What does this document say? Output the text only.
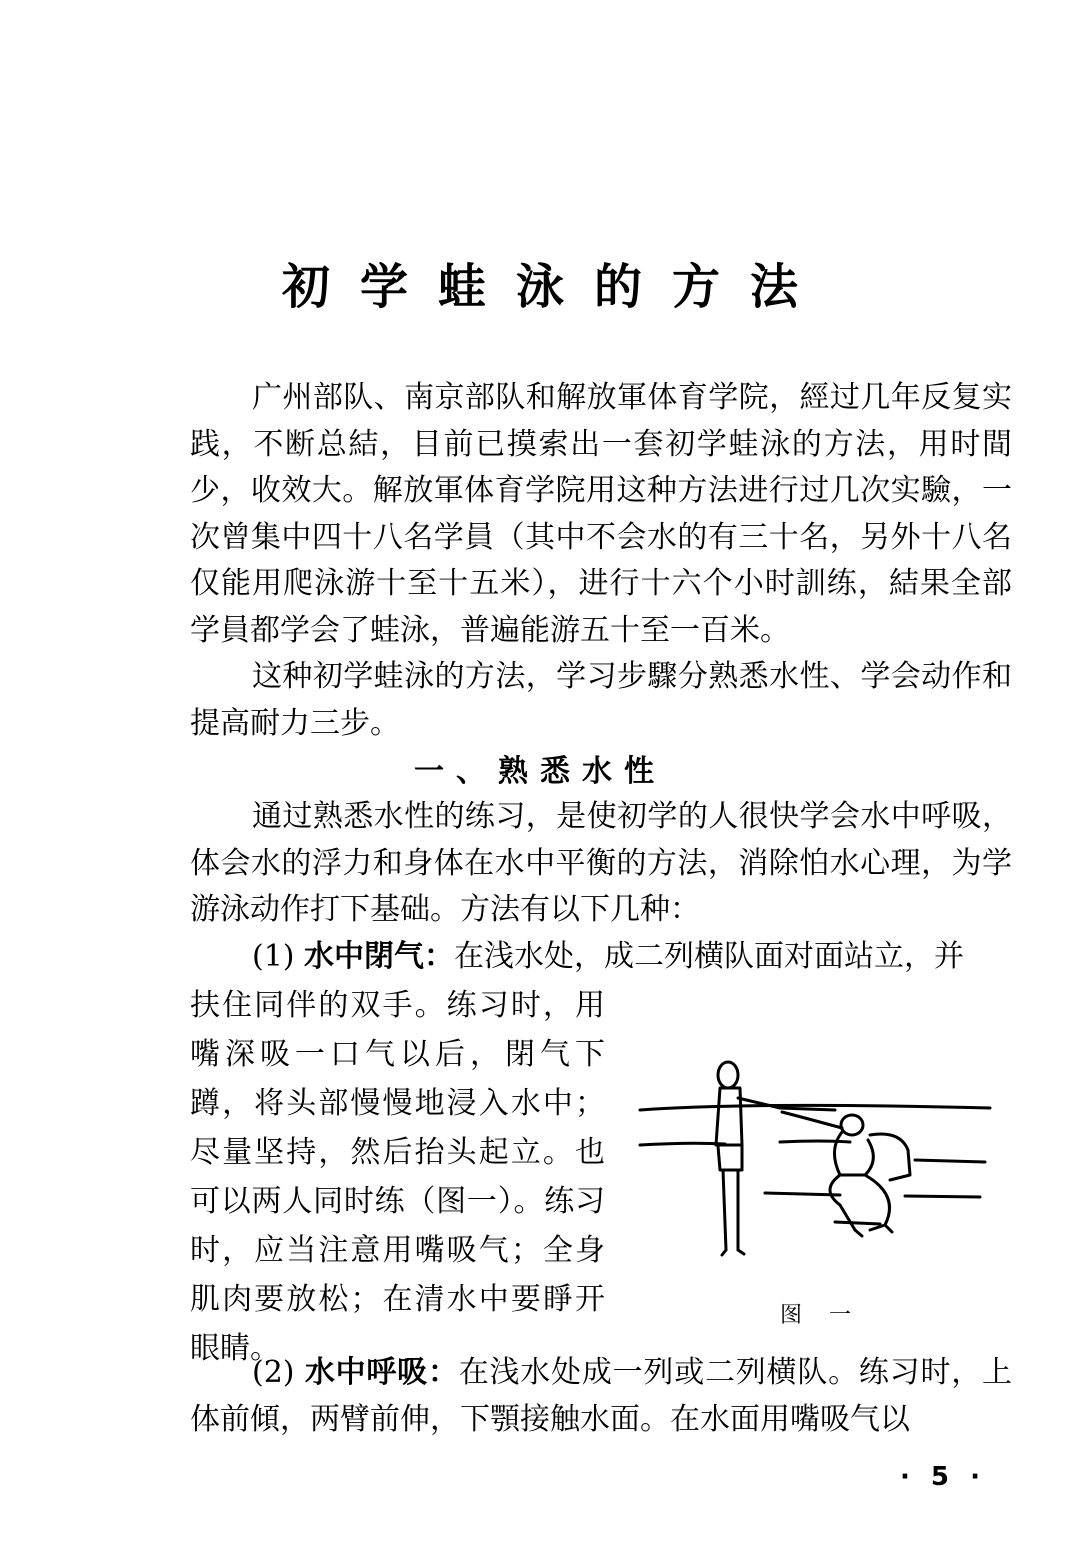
初学蛙泳的方法

广州部队、南京部队和解放軍体育学院，經过几年反复实践，不断总結，目前已摸索出一套初学蛙泳的方法，用时間少，收效大。解放軍体育学院用这种方法进行过几次实驗，一次曾集中四十八名学員（其中不会水的有三十名，另外十八名仅能用爬泳游十至十五米），进行十六个小时訓练，結果全部学員都学会了蛙泳，普遍能游五十至一百米。

这种初学蛙泳的方法，学习步驟分熟悉水性、学会动作和提高耐力三步。

一、熟悉水性

通过熟悉水性的练习，是使初学的人很快学会水中呼吸，体会水的浮力和身体在水中平衡的方法，消除怕水心理，为学游泳动作打下基础。方法有以下几种：

(1) 水中閉气：在浅水处，成二列横队面对面站立，并

扶住同伴的双手。练习时，用嘴深吸一口气以后，閉气下蹲，将头部慢慢地浸入水中；尽量坚持，然后抬头起立。也可以两人同时练（图一）。练习时，应当注意用嘴吸气；全身肌肉要放松；在清水中要睜开眼睛。

图 一

(2) 水中呼吸：在浅水处成一列或二列横队。练习时，上体前傾，两臂前伸，下顎接触水面。在水面用嘴吸气以

· 5 ·
